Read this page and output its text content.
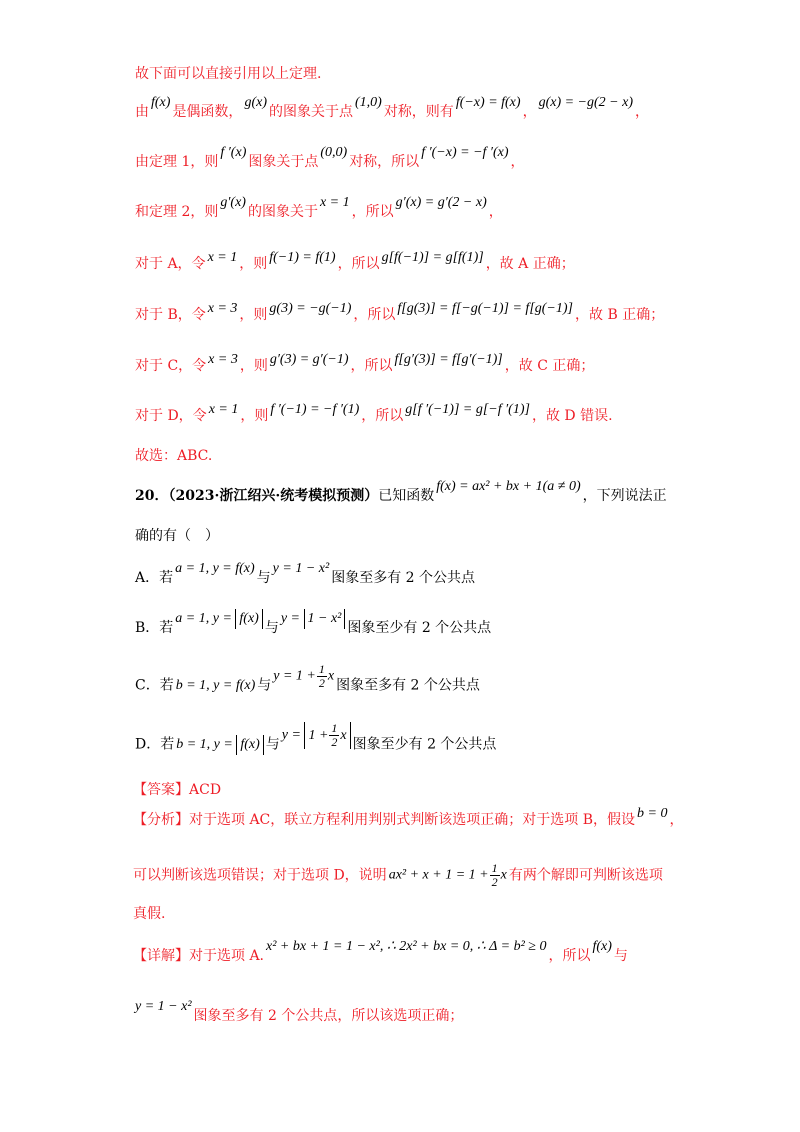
故下面可以直接引用以上定理.
由f(x)是偶函数，g(x)的图象关于点(1,0)对称，则有f(−x) = f(x)，g(x) = −g(2 − x)，
由定理 1，则f ′(x)图象关于点(0,0)对称，所以f ′(−x) = −f ′(x)，
和定理 2，则g′(x)的图象关于x = 1，所以g′(x) = g′(2 − x)，
对于 A，令 x = 1 ，则 f(−1) = f(1) ，所以 g[f(−1)] = g[f(1)] ，故 A 正确；
对于 B，令 x = 3 ，则 g(3) = −g(−1) ，所以 f[g(3)] = f[−g(−1)] = f[g(−1)] ，故 B 正确；
对于 C，令 x = 3 ，则 g′(3) = g′(−1) ，所以 f[g′(3)] = f[g′(−1)] ，故 C 正确；
对于 D，令 x = 1 ，则 f ′(−1) = −f ′(1) ，所以 g[f ′(−1)] = g[−f ′(1)] ，故 D 错误.
故选：ABC.
20．（2023·浙江绍兴·统考模拟预测）已知函数f(x) = ax² + bx + 1(a ≠ 0)，下列说法正
确的有（　）
A．若a = 1, y = f(x)与y = 1 − x²图象至多有 2 个公共点
B．若a = 1, y = f(x)与y = 1 − x²图象至少有 2 个公共点
C．若 b = 1, y = f(x) 与$y = 1 + \frac{1}{2}$ x图象至多有 2 个公共点
D．若 b = 1, y = f(x) 与$y = 1 + \frac{1}{2}$ x
图象至少有 2 个公共点
【答案】ACD
【分析】对于选项 AC，联立方程利用判别式判断该选项正确；对于选项 B，假设 b = 0 ，
可以判断该选项错误；对于选项 D，说明 $ax^2 + x + 1 = 1 + \frac{1}{2}$ x 有两个解即可判断该选项
真假.
【详解】对于选项 A.x² + bx + 1 = 1 − x², ∴ 2x² + bx = 0, ∴ Δ = b² ≥ 0，所以f(x)与
y = 1 − x²图象至多有 2 个公共点，所以该选项正确；
